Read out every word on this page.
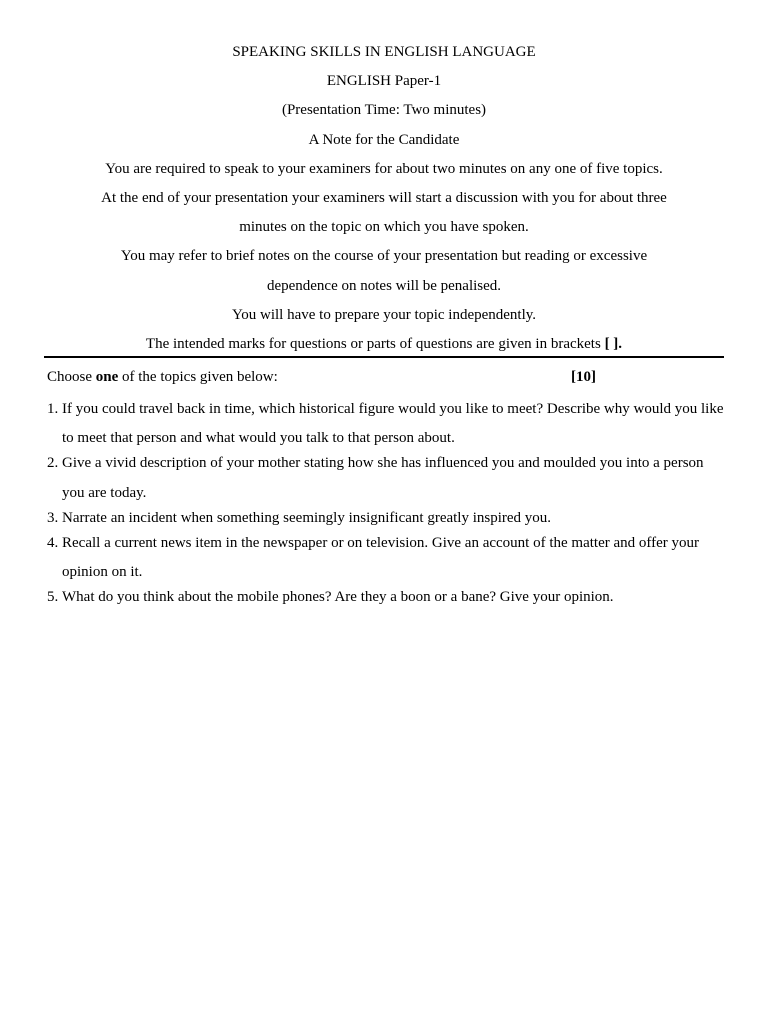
SPEAKING SKILLS IN ENGLISH LANGUAGE
ENGLISH Paper-1
(Presentation Time: Two minutes)
A Note for the Candidate
You are required to speak to your examiners for about two minutes on any one of five topics.
At the end of your presentation your examiners will start a discussion with you for about three
minutes on the topic on which you have spoken.
You may refer to brief notes on the course of your presentation but reading or excessive
dependence on notes will be penalised.
You will have to prepare your topic independently.
The intended marks for questions or parts of questions are given in brackets [ ].
Choose one of the topics given below:	[10]
1. If you could travel back in time, which historical figure would you like to meet? Describe why would you like to meet that person and what would you talk to that person about.
2. Give a vivid description of your mother stating how she has influenced you and moulded you into a person you are today.
3. Narrate an incident when something seemingly insignificant greatly inspired you.
4. Recall a current news item in the newspaper or on television. Give an account of the matter and offer your opinion on it.
5. What do you think about the mobile phones? Are they a boon or a bane? Give your opinion.
